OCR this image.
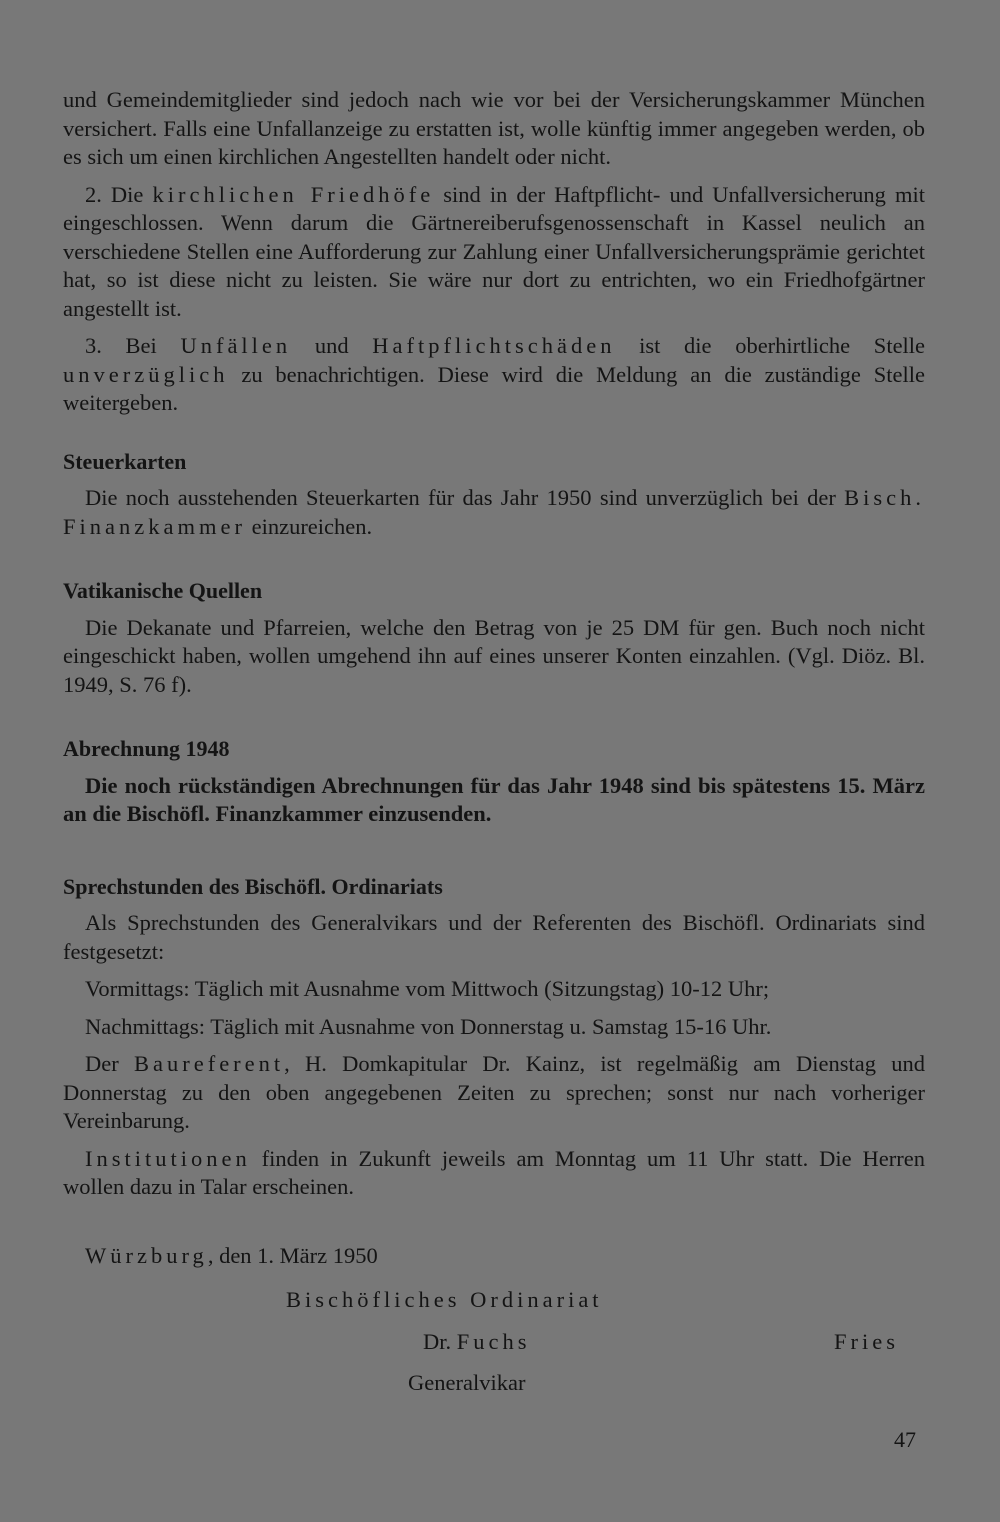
und Gemeindemitglieder sind jedoch nach wie vor bei der Versicherungskammer München versichert. Falls eine Unfallanzeige zu erstatten ist, wolle künftig immer angegeben werden, ob es sich um einen kirchlichen Angestellten handelt oder nicht.

2. Die kirchlichen Friedhöfe sind in der Haftpflicht- und Unfallversicherung mit eingeschlossen. Wenn darum die Gärtnereiberufsgenossenschaft in Kassel neulich an verschiedene Stellen eine Aufforderung zur Zahlung einer Unfallversicherungsprämie gerichtet hat, so ist diese nicht zu leisten. Sie wäre nur dort zu entrichten, wo ein Friedhofgärtner angestellt ist.

3. Bei Unfällen und Haftpflichtschäden ist die oberhirtliche Stelle unverzüglich zu benachrichtigen. Diese wird die Meldung an die zuständige Stelle weitergeben.

Steuerkarten

Die noch ausstehenden Steuerkarten für das Jahr 1950 sind unverzüglich bei der Bisch. Finanzkammer einzureichen.

Vatikanische Quellen

Die Dekanate und Pfarreien, welche den Betrag von je 25 DM für gen. Buch noch nicht eingeschickt haben, wollen umgehend ihn auf eines unserer Konten einzahlen. (Vgl. Diöz. Bl. 1949, S. 76 f).

Abrechnung 1948

Die noch rückständigen Abrechnungen für das Jahr 1948 sind bis spätestens 15. März an die Bischöfl. Finanzkammer einzusenden.

Sprechstunden des Bischöfl. Ordinariats

Als Sprechstunden des Generalvikars und der Referenten des Bischöfl. Ordinariats sind festgesetzt:

Vormittags: Täglich mit Ausnahme vom Mittwoch (Sitzungstag) 10-12 Uhr;

Nachmittags: Täglich mit Ausnahme von Donnerstag u. Samstag 15-16 Uhr.

Der Baureferent, H. Domkapitular Dr. Kainz, ist regelmäßig am Dienstag und Donnerstag zu den oben angegebenen Zeiten zu sprechen; sonst nur nach vorheriger Vereinbarung.

Institutionen finden in Zukunft jeweils am Monntag um 11 Uhr statt. Die Herren wollen dazu in Talar erscheinen.

Würzburg, den 1. März 1950
Bischöfliches Ordinariat
Dr. Fuchs	Fries
Generalvikar
47
